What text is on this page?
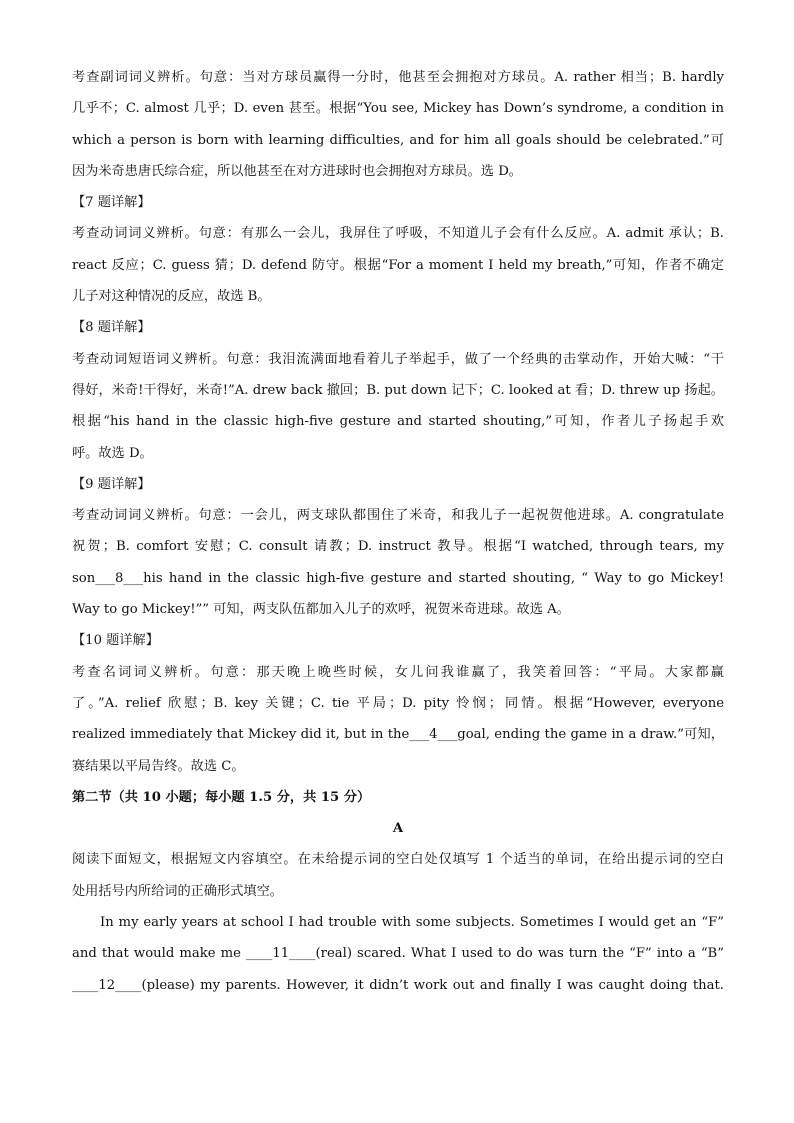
考查副词词义辨析。句意：当对方球员赢得一分时，他甚至会拥抱对方球员。A. rather 相当；B. hardly
几乎不；C. almost 几乎；D. even 甚至。根据“You see, Mickey has Down’s syndrome, a condition in
which a person is born with learning difficulties, and for him all goals should be celebrated.”可
因为米奇患唐氏综合症，所以他甚至在对方进球时也会拥抱对方球员。选 D。
【7 题详解】
考查动词词义辨析。句意：有那么一会儿，我屏住了呼吸，不知道儿子会有什么反应。A. admit 承认；B.
react 反应；C. guess 猜；D. defend 防守。根据“For a moment I held my breath,”可知，作者不确定
儿子对这种情况的反应，故选 B。
【8 题详解】
考查动词短语词义辨析。句意：我泪流满面地看着儿子举起手，做了一个经典的击掌动作，开始大喊：“干
得好，米奇!干得好，米奇!”A. drew back 撤回；B. put down 记下；C. looked at 看；D. threw up 扬起。
根据“his hand in the classic high-five gesture and started shouting,”可知，作者儿子扬起手欢
呼。故选 D。
【9 题详解】
考查动词词义辨析。句意：一会儿，两支球队都围住了米奇，和我儿子一起祝贺他进球。A. congratulate
祝贺；B. comfort 安慰；C. consult 请教；D. instruct 教导。根据“I watched, through tears, my
son___8___his hand in the classic high-five gesture and started shouting, “ Way to go Mickey!
Way to go Mickey!”” 可知，两支队伍都加入儿子的欢呼，祝贺米奇进球。故选 A。
【10 题详解】
考查名词词义辨析。句意：那天晚上晚些时候，女儿问我谁赢了，我笑着回答：“平局。大家都赢
了。”A. relief 欣慰；B. key 关键；C. tie 平局；D. pity 怜悯；同情。根据“However, everyone
realized immediately that Mickey did it, but in the___4___goal, ending the game in a draw.”可知，
赛结果以平局告终。故选 C。
第二节（共 10 小题；每小题 1.5 分，共 15 分）
A
阅读下面短文，根据短文内容填空。在未给提示词的空白处仅填写 1 个适当的单词，在给出提示词的空白
处用括号内所给词的正确形式填空。
In my early years at school I had trouble with some subjects. Sometimes I would get an “F”
and that would make me ____11____(real) scared. What I used to do was turn the “F” into a “B”
____12____(please) my parents. However, it didn’t work out and finally I was caught doing that.
